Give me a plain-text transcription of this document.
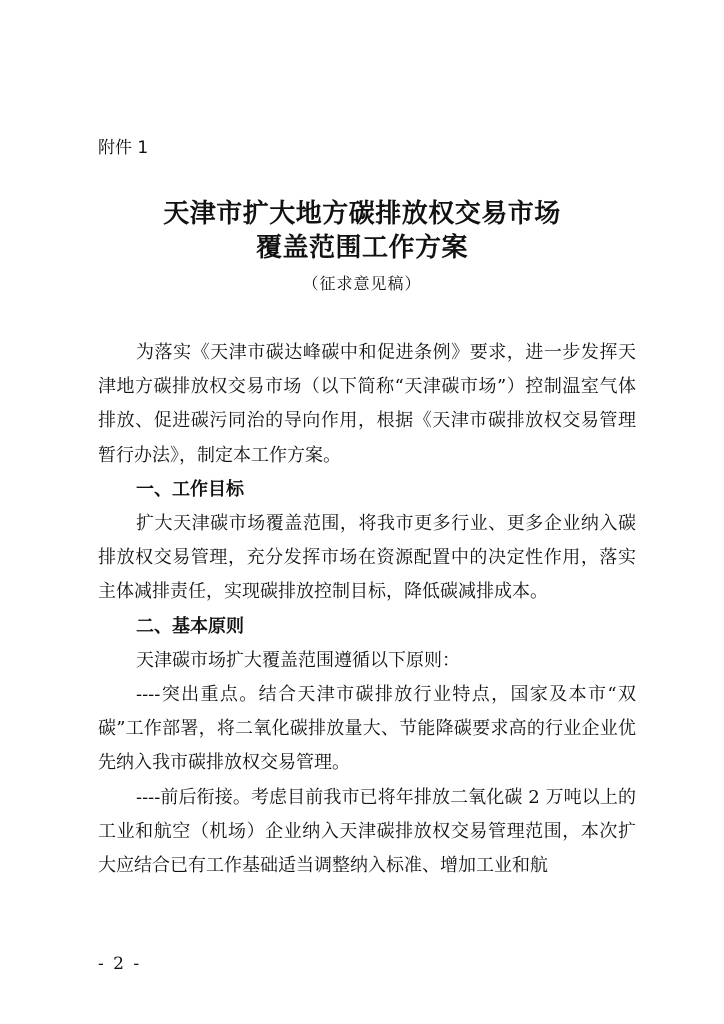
附件 1
天津市扩大地方碳排放权交易市场
覆盖范围工作方案
（征求意见稿）

为落实《天津市碳达峰碳中和促进条例》要求，进一步发挥天津地方碳排放权交易市场（以下简称“天津碳市场”）控制温室气体排放、促进碳污同治的导向作用，根据《天津市碳排放权交易管理暂行办法》，制定本工作方案。

一、工作目标

扩大天津碳市场覆盖范围，将我市更多行业、更多企业纳入碳排放权交易管理，充分发挥市场在资源配置中的决定性作用，落实主体减排责任，实现碳排放控制目标，降低碳减排成本。

二、基本原则

天津碳市场扩大覆盖范围遵循以下原则：

----突出重点。结合天津市碳排放行业特点，国家及本市“双碳”工作部署，将二氧化碳排放量大、节能降碳要求高的行业企业优先纳入我市碳排放权交易管理。

----前后衔接。考虑目前我市已将年排放二氧化碳 2 万吨以上的工业和航空（机场）企业纳入天津碳排放权交易管理范围，本次扩大应结合已有工作基础适当调整纳入标准、增加工业和航

- 2 -
